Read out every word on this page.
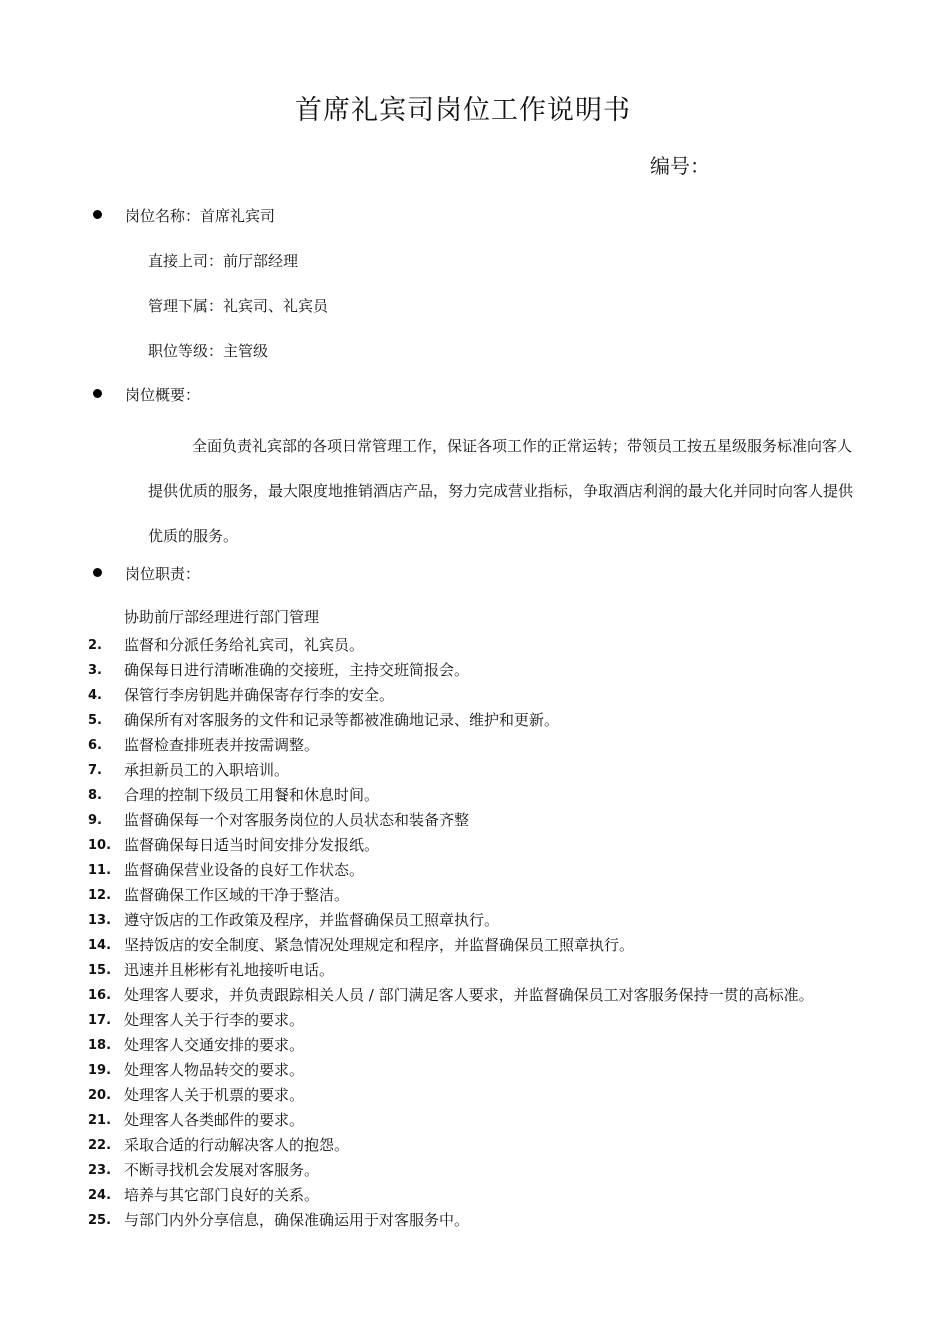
首席礼宾司岗位工作说明书
编号：
岗位名称：首席礼宾司
直接上司：前厅部经理
管理下属：礼宾司、礼宾员
职位等级：主管级
岗位概要：
全面负责礼宾部的各项日常管理工作，保证各项工作的正常运转；带领员工按五星级服务标准向客人提供优质的服务，最大限度地推销酒店产品，努力完成营业指标，争取酒店利润的最大化并同时向客人提供优质的服务。
岗位职责：
协助前厅部经理进行部门管理
2.	监督和分派任务给礼宾司，礼宾员。
3.	确保每日进行清晰准确的交接班，主持交班简报会。
4.	保管行李房钥匙并确保寄存行李的安全。
5.	确保所有对客服务的文件和记录等都被准确地记录、维护和更新。
6.	监督检查排班表并按需调整。
7.	承担新员工的入职培训。
8.	合理的控制下级员工用餐和休息时间。
9.	监督确保每一个对客服务岗位的人员状态和装备齐整
10. 监督确保每日适当时间安排分发报纸。
11. 监督确保营业设备的良好工作状态。
12. 监督确保工作区域的干净于整洁。
13. 遵守饭店的工作政策及程序，并监督确保员工照章执行。
14. 坚持饭店的安全制度、紧急情况处理规定和程序，并监督确保员工照章执行。
15. 迅速并且彬彬有礼地接听电话。
16. 处理客人要求，并负责跟踪相关人员 / 部门满足客人要求，并监督确保员工对客服务保持一贯的高标准。
17. 处理客人关于行李的要求。
18. 处理客人交通安排的要求。
19. 处理客人物品转交的要求。
20. 处理客人关于机票的要求。
21. 处理客人各类邮件的要求。
22. 采取合适的行动解决客人的抱怨。
23. 不断寻找机会发展对客服务。
24. 培养与其它部门良好的关系。
25. 与部门内外分享信息，确保准确运用于对客服务中。
